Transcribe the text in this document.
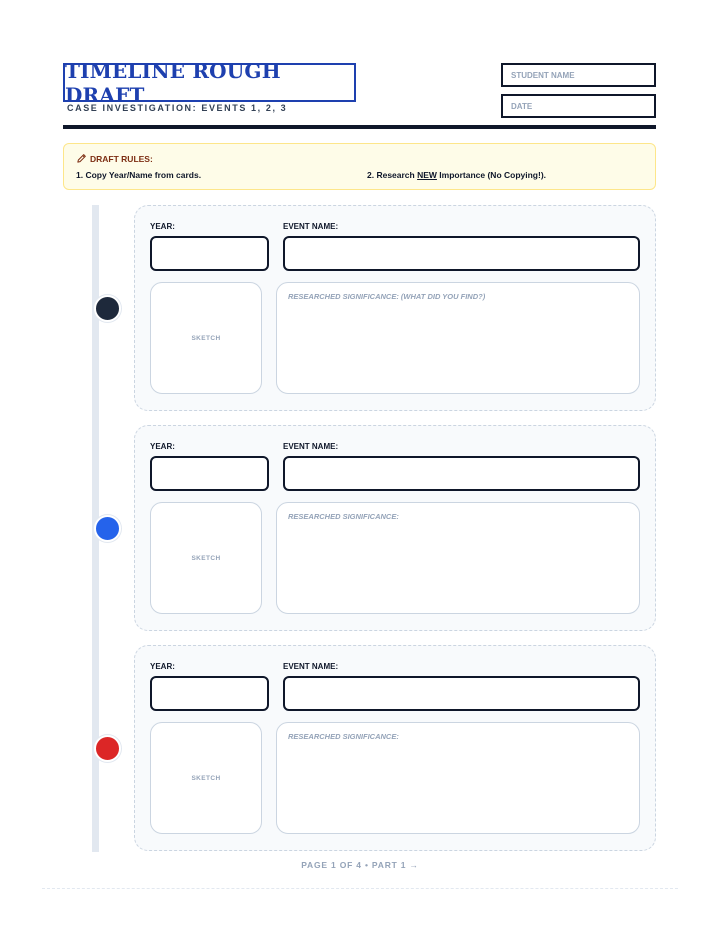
TIMELINE ROUGH DRAFT
CASE INVESTIGATION: EVENTS 1, 2, 3
STUDENT NAME
DATE
DRAFT RULES:
1. Copy Year/Name from cards.	2. Research NEW Importance (No Copying!).
YEAR:	EVENT NAME:
SKETCH
RESEARCHED SIGNIFICANCE: (WHAT DID YOU FIND?)
YEAR:	EVENT NAME:
SKETCH
RESEARCHED SIGNIFICANCE:
YEAR:	EVENT NAME:
SKETCH
RESEARCHED SIGNIFICANCE:
PAGE 1 OF 4 • PART 1 →
